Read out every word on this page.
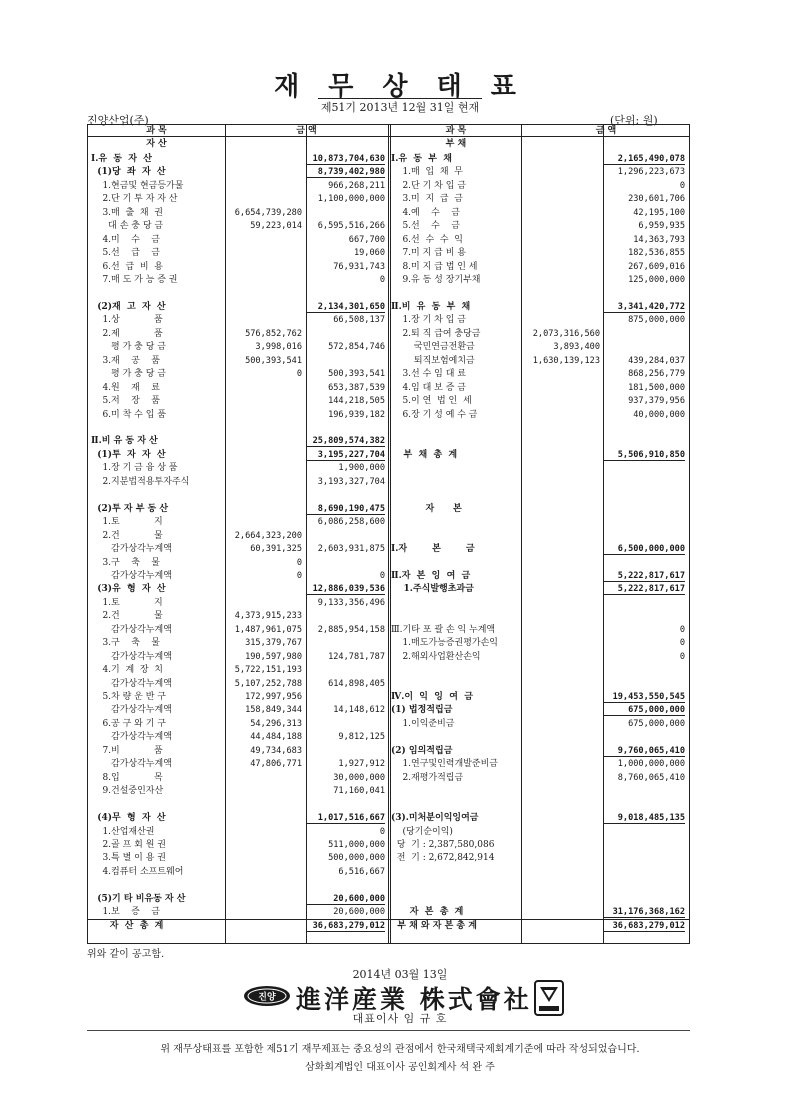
재 무 상 태 표
제51기 2013년 12월 31일 현재
진양산업(주)	(단위: 원)
과 목	금 액	과 목	금 액
자 산	부 채
Ⅰ.유  동  자  산	10,873,704,630
(1)당  좌  자  산	8,739,402,980
1.현금및 현금등가물	966,268,211
2.단 기 투 자 자 산	1,100,000,000
3.매  출  채  권	6,654,739,280
대 손 충 당 금	59,223,014	6,595,516,266
4.미    수    금	667,700
5.선    급    금	19,060
6.선  급  비  용	76,931,743
7.매 도 가 능 증 권	0
(2)재  고  자  산	2,134,301,650
1.상            품	66,508,137
2.제            품	576,852,762
평 가 충 당 금	3,998,016	572,854,746
3.재    공    품	500,393,541
평 가 충 당 금	0	500,393,541
4.원    재    료	653,387,539
5.저    장    품	144,218,505
6.미 착 수 입 품	196,939,182
Ⅱ.비 유 동 자 산	25,809,574,382
(1)투  자  자  산	3,195,227,704
1.장 기 금 융 상 품	1,900,000
2.지분법적용투자주식	3,193,327,704
(2)투 자 부 동 산	8,690,190,475
1.토            지	6,086,258,600
2.건            물	2,664,323,200
감가상각누계액	60,391,325	2,603,931,875
3.구    축    물	0
감가상각누계액	0	0
(3)유  형  자  산	12,886,039,536
1.토            지	9,133,356,496
2.건            물	4,373,915,233
감가상각누계액	1,487,961,075	2,885,954,158
3.구    축    물	315,379,767
감가상각누계액	190,597,980	124,781,787
4.기  계  장  치	5,722,151,193
감가상각누계액	5,107,252,788	614,898,405
5.차 량 운 반 구	172,997,956
감가상각누계액	158,849,344	14,148,612
6.공 구 와 기 구	54,296,313
감가상각누계액	44,484,188	9,812,125
7.비            품	49,734,683
감가상각누계액	47,806,771	1,927,912
8.입            목	30,000,000
9.건설중인자산	71,160,041
(4)무  형  자  산	1,017,516,667
1.산업재산권	0
2.골 프 회 원 권	511,000,000
3.특 별 이 용 권	500,000,000
4.컴퓨터 소프트웨어	6,516,667
(5)기 타 비유동 자 산	20,600,000
1.보    증    금	20,600,000
자  산  총  계	36,683,279,012
Ⅰ.유  동  부  채	2,165,490,078
1.매  입  채  무	1,296,223,673
2.단 기 차 입 금	0
3.미  지  급  금	230,601,706
4.예    수    금	42,195,100
5.선    수    금	6,959,935
6.선  수  수  익	14,363,793
7.미 지 급 비 용	182,536,855
8.미 지 급 법 인 세	267,609,016
9.유 동 성 장기부채	125,000,000
Ⅱ.비  유  동  부  채	3,341,420,772
1.장 기 차 입 금	875,000,000
2.퇴 직 급여 충당금	2,073,316,560
국민연금전환금	3,893,400
퇴직보험예치금	1,630,139,123	439,284,037
3.선 수 임 대 료	868,256,779
4.임 대 보 증 금	181,500,000
5.이 연  법 인  세	937,379,956
6.장 기 성 예 수 금	40,000,000
부  채  총  계	5,506,910,850
자      본
Ⅰ.자        본        금	6,500,000,000
Ⅱ.자  본  잉  여  금	5,222,817,617
1.주식발행초과금	5,222,817,617
Ⅲ.기타 포 괄 손 익 누계액	0
1.매도가능증권평가손익	0
2.해외사업환산손익	0
Ⅳ.이  익  잉  여  금	19,453,550,545
(1) 법정적립금	675,000,000
1.이익준비금	675,000,000
(2) 임의적립금	9,760,065,410
1.연구및인력개발준비금	1,000,000,000
2.재평가적립금	8,760,065,410
(3).미처분이익잉여금	9,018,485,135
(당기순이익)
당  기 : 2,387,580,086
전  기 : 2,672,842,914
자  본  총  계	31,176,368,162
부 채 와 자 본 총 계	36,683,279,012
위와 같이 공고함.
2014년 03월 13일
진양 進洋産業 株式會社
대표이사 임 규 호
위 재무상태표를 포함한 제51기 재무제표는 중요성의 관점에서 한국채택국제회계기준에 따라 작성되었습니다.
삼화회계법인 대표이사 공인회계사 석 완 주
